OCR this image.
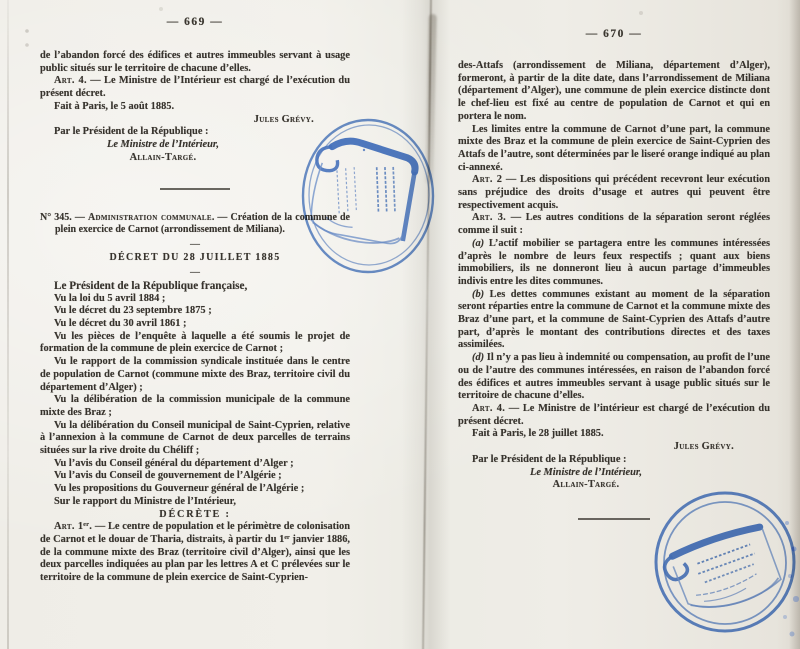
— 669 —

de l’abandon forcé des édifices et autres immeubles servant à usage public situés sur le territoire de chacune d’elles.

Art. 4. — Le Ministre de l’Intérieur est chargé de l’exécution du présent décret.

Fait à Paris, le 5 août 1885.

Jules Grévy.

Par le Président de la République :

Le Ministre de l’Intérieur,

Allain-Targé.

N° 345. — Administration communale. — Création de la commune de plein exercice de Carnot (arrondissement de Miliana).

—

DÉCRET DU 28 JUILLET 1885

—

Le Président de la République française,

Vu la loi du 5 avril 1884 ;

Vu le décret du 23 septembre 1875 ;

Vu le décret du 30 avril 1861 ;

Vu les pièces de l’enquête à laquelle a été soumis le projet de formation de la commune de plein exercice de Carnot ;

Vu le rapport de la commission syndicale instituée dans le centre de population de Carnot (commune mixte des Braz, territoire civil du département d’Alger) ;

Vu la délibération de la commission municipale de la commune mixte des Braz ;

Vu la délibération du Conseil municipal de Saint-Cyprien, relative à l’annexion à la commune de Carnot de deux parcelles de terrains situées sur la rive droite du Chéliff ;

Vu l’avis du Conseil général du département d’Alger ;

Vu l’avis du Conseil de gouvernement de l’Algérie ;

Vu les propositions du Gouverneur général de l’Algérie ;

Sur le rapport du Ministre de l’Intérieur,

DÉCRÈTE :

Art. 1ᵉʳ. — Le centre de population et le périmètre de colonisation de Carnot et le douar de Tharia, distraits, à partir du 1ᵉʳ janvier 1886, de la commune mixte des Braz (territoire civil d’Alger), ainsi que les deux parcelles indiquées au plan par les lettres A et C prélevées sur le territoire de la commune de plein exercice de Saint-Cyprien-

— 670 —

des-Attafs (arrondissement de Miliana, département d’Alger), formeront, à partir de la dite date, dans l’arrondissement de Miliana (département d’Alger), une commune de plein exercice distincte dont le chef-lieu est fixé au centre de population de Carnot et qui en portera le nom.

Les limites entre la commune de Carnot d’une part, la commune mixte des Braz et la commune de plein exercice de Saint-Cyprien des Attafs de l’autre, sont déterminées par le liseré orange indiqué au plan ci-annexé.

Art. 2 — Les dispositions qui précédent recevront leur exécution sans préjudice des droits d’usage et autres qui peuvent être respectivement acquis.

Art. 3. — Les autres conditions de la séparation seront réglées comme il suit :

(a) L’actif mobilier se partagera entre les communes intéressées d’après le nombre de leurs feux respectifs ; quant aux biens immobiliers, ils ne donneront lieu à aucun partage d’immeubles indivis entre les dites communes.

(b) Les dettes communes existant au moment de la séparation seront réparties entre la commune de Carnot et la commune mixte des Braz d’une part, et la commune de Saint-Cyprien des Attafs d’autre part, d’après le montant des contributions directes et des taxes assimilées.

(d) Il n’y a pas lieu à indemnité ou compensation, au profit de l’une ou de l’autre des communes intéressées, en raison de l’abandon forcé des édifices et autres immeubles servant à usage public situés sur le territoire de chacune d’elles.

Art. 4. — Le Ministre de l’intérieur est chargé de l’exécution du présent décret.

Fait à Paris, le 28 juillet 1885.

Jules Grévy.

Par le Président de la République :

Le Ministre de l’Intérieur,

Allain-Targé.
